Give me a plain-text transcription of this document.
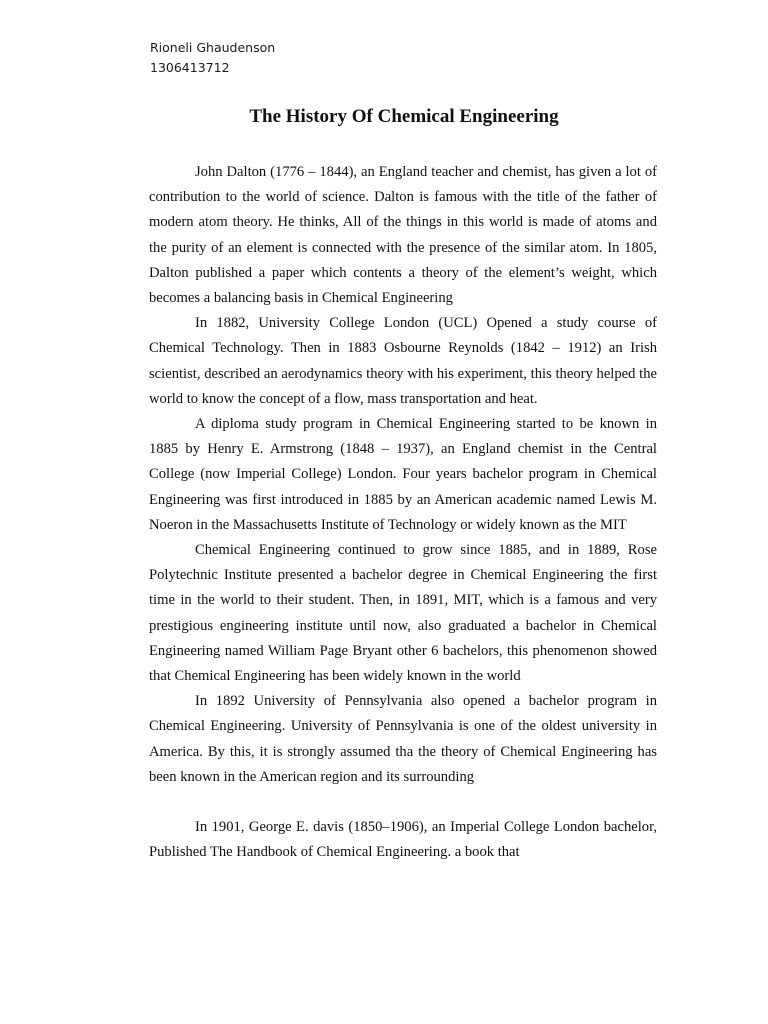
Rioneli Ghaudenson
1306413712
The History Of Chemical Engineering

John Dalton (1776 – 1844), an England teacher and chemist, has given a lot of contribution to the world of science. Dalton is famous with the title of the father of modern atom theory. He thinks, All of the things in this world is made of atoms and the purity of an element is connected with the presence of the similar atom. In 1805, Dalton published a paper which contents a theory of the element’s weight, which becomes a balancing basis in Chemical Engineering

In 1882, University College London (UCL) Opened a study course of Chemical Technology. Then in 1883 Osbourne Reynolds (1842 – 1912) an Irish scientist, described an aerodynamics theory with his experiment, this theory helped the world to know the concept of a flow, mass transportation and heat.

A diploma study program in Chemical Engineering started to be known in 1885 by Henry E. Armstrong (1848 – 1937), an England chemist in the Central College (now Imperial College) London. Four years bachelor program in Chemical Engineering was first introduced in 1885 by an American academic named Lewis M. Noeron in the Massachusetts Institute of Technology or widely known as the MIT

Chemical Engineering continued to grow since 1885, and in 1889, Rose Polytechnic Institute presented a bachelor degree in Chemical Engineering the first time in the world to their student. Then, in 1891, MIT, which is a famous and very prestigious engineering institute until now, also graduated a bachelor in Chemical Engineering named William Page Bryant other 6 bachelors, this phenomenon showed that Chemical Engineering has been widely known in the world

In 1892 University of Pennsylvania also opened a bachelor program in Chemical Engineering. University of Pennsylvania is one of the oldest university in America. By this, it is strongly assumed tha the theory of Chemical Engineering has been known in the American region and its surrounding

In 1901, George E. davis (1850–1906), an Imperial College London bachelor, Published The Handbook of Chemical Engineering. a book that
